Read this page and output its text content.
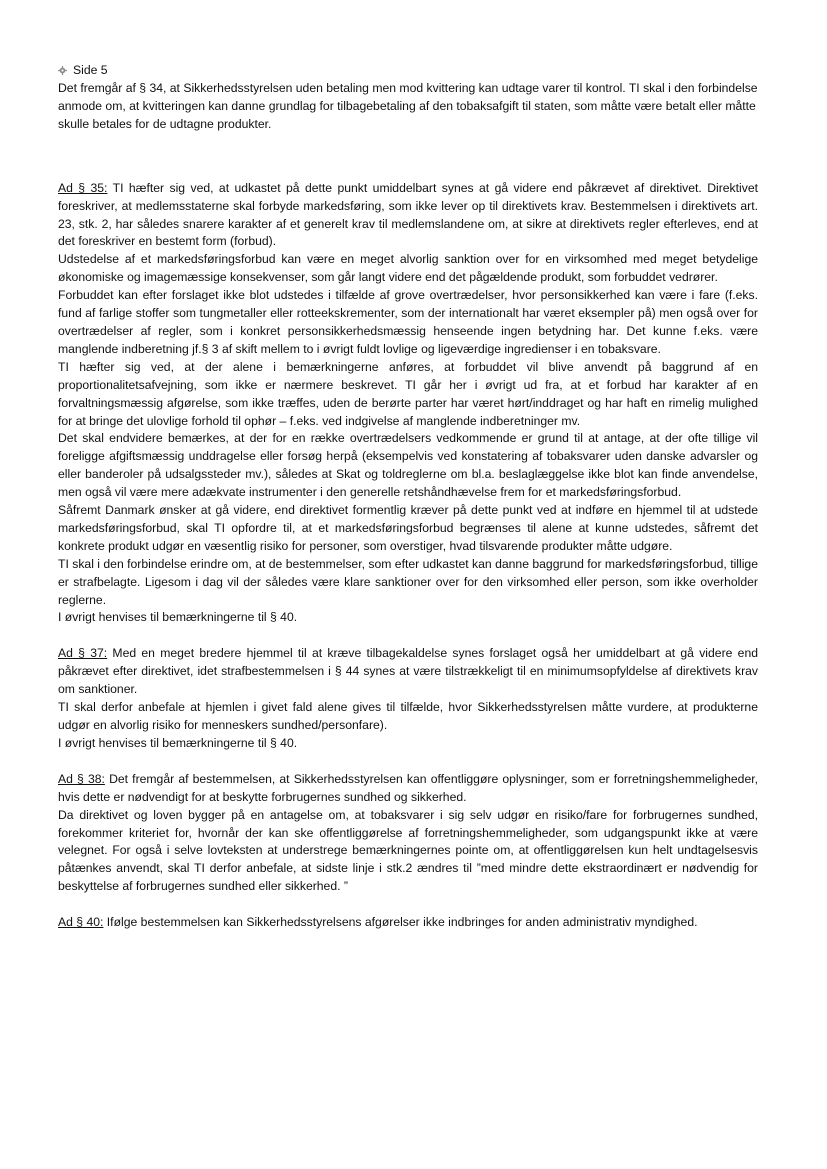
Side 5

Det fremgår af § 34, at Sikkerhedsstyrelsen uden betaling men mod kvittering kan udtage varer til kontrol. TI skal i den forbindelse anmode om, at kvitteringen kan danne grundlag for tilbagebetaling af den tobaksafgift til staten, som måtte være betalt eller måtte skulle betales for de udtagne produkter.

Ad § 35: TI hæfter sig ved, at udkastet på dette punkt umiddelbart synes at gå videre end påkrævet af direktivet. Direktivet foreskriver, at medlemsstaterne skal forbyde markedsføring, som ikke lever op til direktivets krav. Bestemmelsen i direktivets art. 23, stk. 2, har således snarere karakter af et generelt krav til medlemslandene om, at sikre at direktivets regler efterleves, end at det foreskriver en bestemt form (forbud).

Udstedelse af et markedsføringsforbud kan være en meget alvorlig sanktion over for en virksomhed med meget betydelige økonomiske og imagemæssige konsekvenser, som går langt videre end det pågældende produkt, som forbuddet vedrører.

Forbuddet kan efter forslaget ikke blot udstedes i tilfælde af grove overtrædelser, hvor personsikkerhed kan være i fare (f.eks. fund af farlige stoffer som tungmetaller eller rotteekskrementer, som der internationalt har været eksempler på) men også over for overtrædelser af regler, som i konkret personsikkerhedsmæssig henseende ingen betydning har. Det kunne f.eks. være manglende indberetning jf.§ 3 af skift mellem to i øvrigt fuldt lovlige og ligeværdige ingredienser i en tobaksvare.

TI hæfter sig ved, at der alene i bemærkningerne anføres, at forbuddet vil blive anvendt på baggrund af en proportionalitetsafvejning, som ikke er nærmere beskrevet. TI går her i øvrigt ud fra, at et forbud har karakter af en forvaltningsmæssig afgørelse, som ikke træffes, uden de berørte parter har været hørt/inddraget og har haft en rimelig mulighed for at bringe det ulovlige forhold til ophør – f.eks. ved indgivelse af manglende indberetninger mv.

Det skal endvidere bemærkes, at der for en række overtrædelsers vedkommende er grund til at antage, at der ofte tillige vil foreligge afgiftsmæssig unddragelse eller forsøg herpå (eksempelvis ved konstatering af tobaksvarer uden danske advarsler og eller banderoler på udsalgssteder mv.), således at Skat og toldreglerne om bl.a. beslaglæggelse ikke blot kan finde anvendelse, men også vil være mere adækvate instrumenter i den generelle retshåndhævelse frem for et markedsføringsforbud.

Såfremt Danmark ønsker at gå videre, end direktivet formentlig kræver på dette punkt ved at indføre en hjemmel til at udstede markedsføringsforbud, skal TI opfordre til, at et markedsføringsforbud begrænses til alene at kunne udstedes, såfremt det konkrete produkt udgør en væsentlig risiko for personer, som overstiger, hvad tilsvarende produkter måtte udgøre.

TI skal i den forbindelse erindre om, at de bestemmelser, som efter udkastet kan danne baggrund for markedsføringsforbud, tillige er strafbelagte. Ligesom i dag vil der således være klare sanktioner over for den virksomhed eller person, som ikke overholder reglerne.

I øvrigt henvises til bemærkningerne til § 40.

Ad § 37: Med en meget bredere hjemmel til at kræve tilbagekaldelse synes forslaget også her umiddelbart at gå videre end påkrævet efter direktivet, idet strafbestemmelsen i § 44 synes at være tilstrækkeligt til en minimumsopfyldelse af direktivets krav om sanktioner.

TI skal derfor anbefale at hjemlen i givet fald alene gives til tilfælde, hvor Sikkerhedsstyrelsen måtte vurdere, at produkterne udgør en alvorlig risiko for menneskers sundhed/personfare).

I øvrigt henvises til bemærkningerne til § 40.

Ad § 38: Det fremgår af bestemmelsen, at Sikkerhedsstyrelsen kan offentliggøre oplysninger, som er forretningshemmeligheder, hvis dette er nødvendigt for at beskytte forbrugernes sundhed og sikkerhed.

Da direktivet og loven bygger på en antagelse om, at tobaksvarer i sig selv udgør en risiko/fare for forbrugernes sundhed, forekommer kriteriet for, hvornår der kan ske offentliggørelse af forretningshemmeligheder, som udgangspunkt ikke at være velegnet. For også i selve lovteksten at understrege bemærkningernes pointe om, at offentliggørelsen kun helt undtagelsesvis påtænkes anvendt, skal TI derfor anbefale, at sidste linje i stk.2 ændres til ”med mindre dette ekstraordinært er nødvendig for beskyttelse af forbrugernes sundhed eller sikkerhed. ”

Ad § 40: Ifølge bestemmelsen kan Sikkerhedsstyrelsens afgørelser ikke indbringes for anden administrativ myndighed.
